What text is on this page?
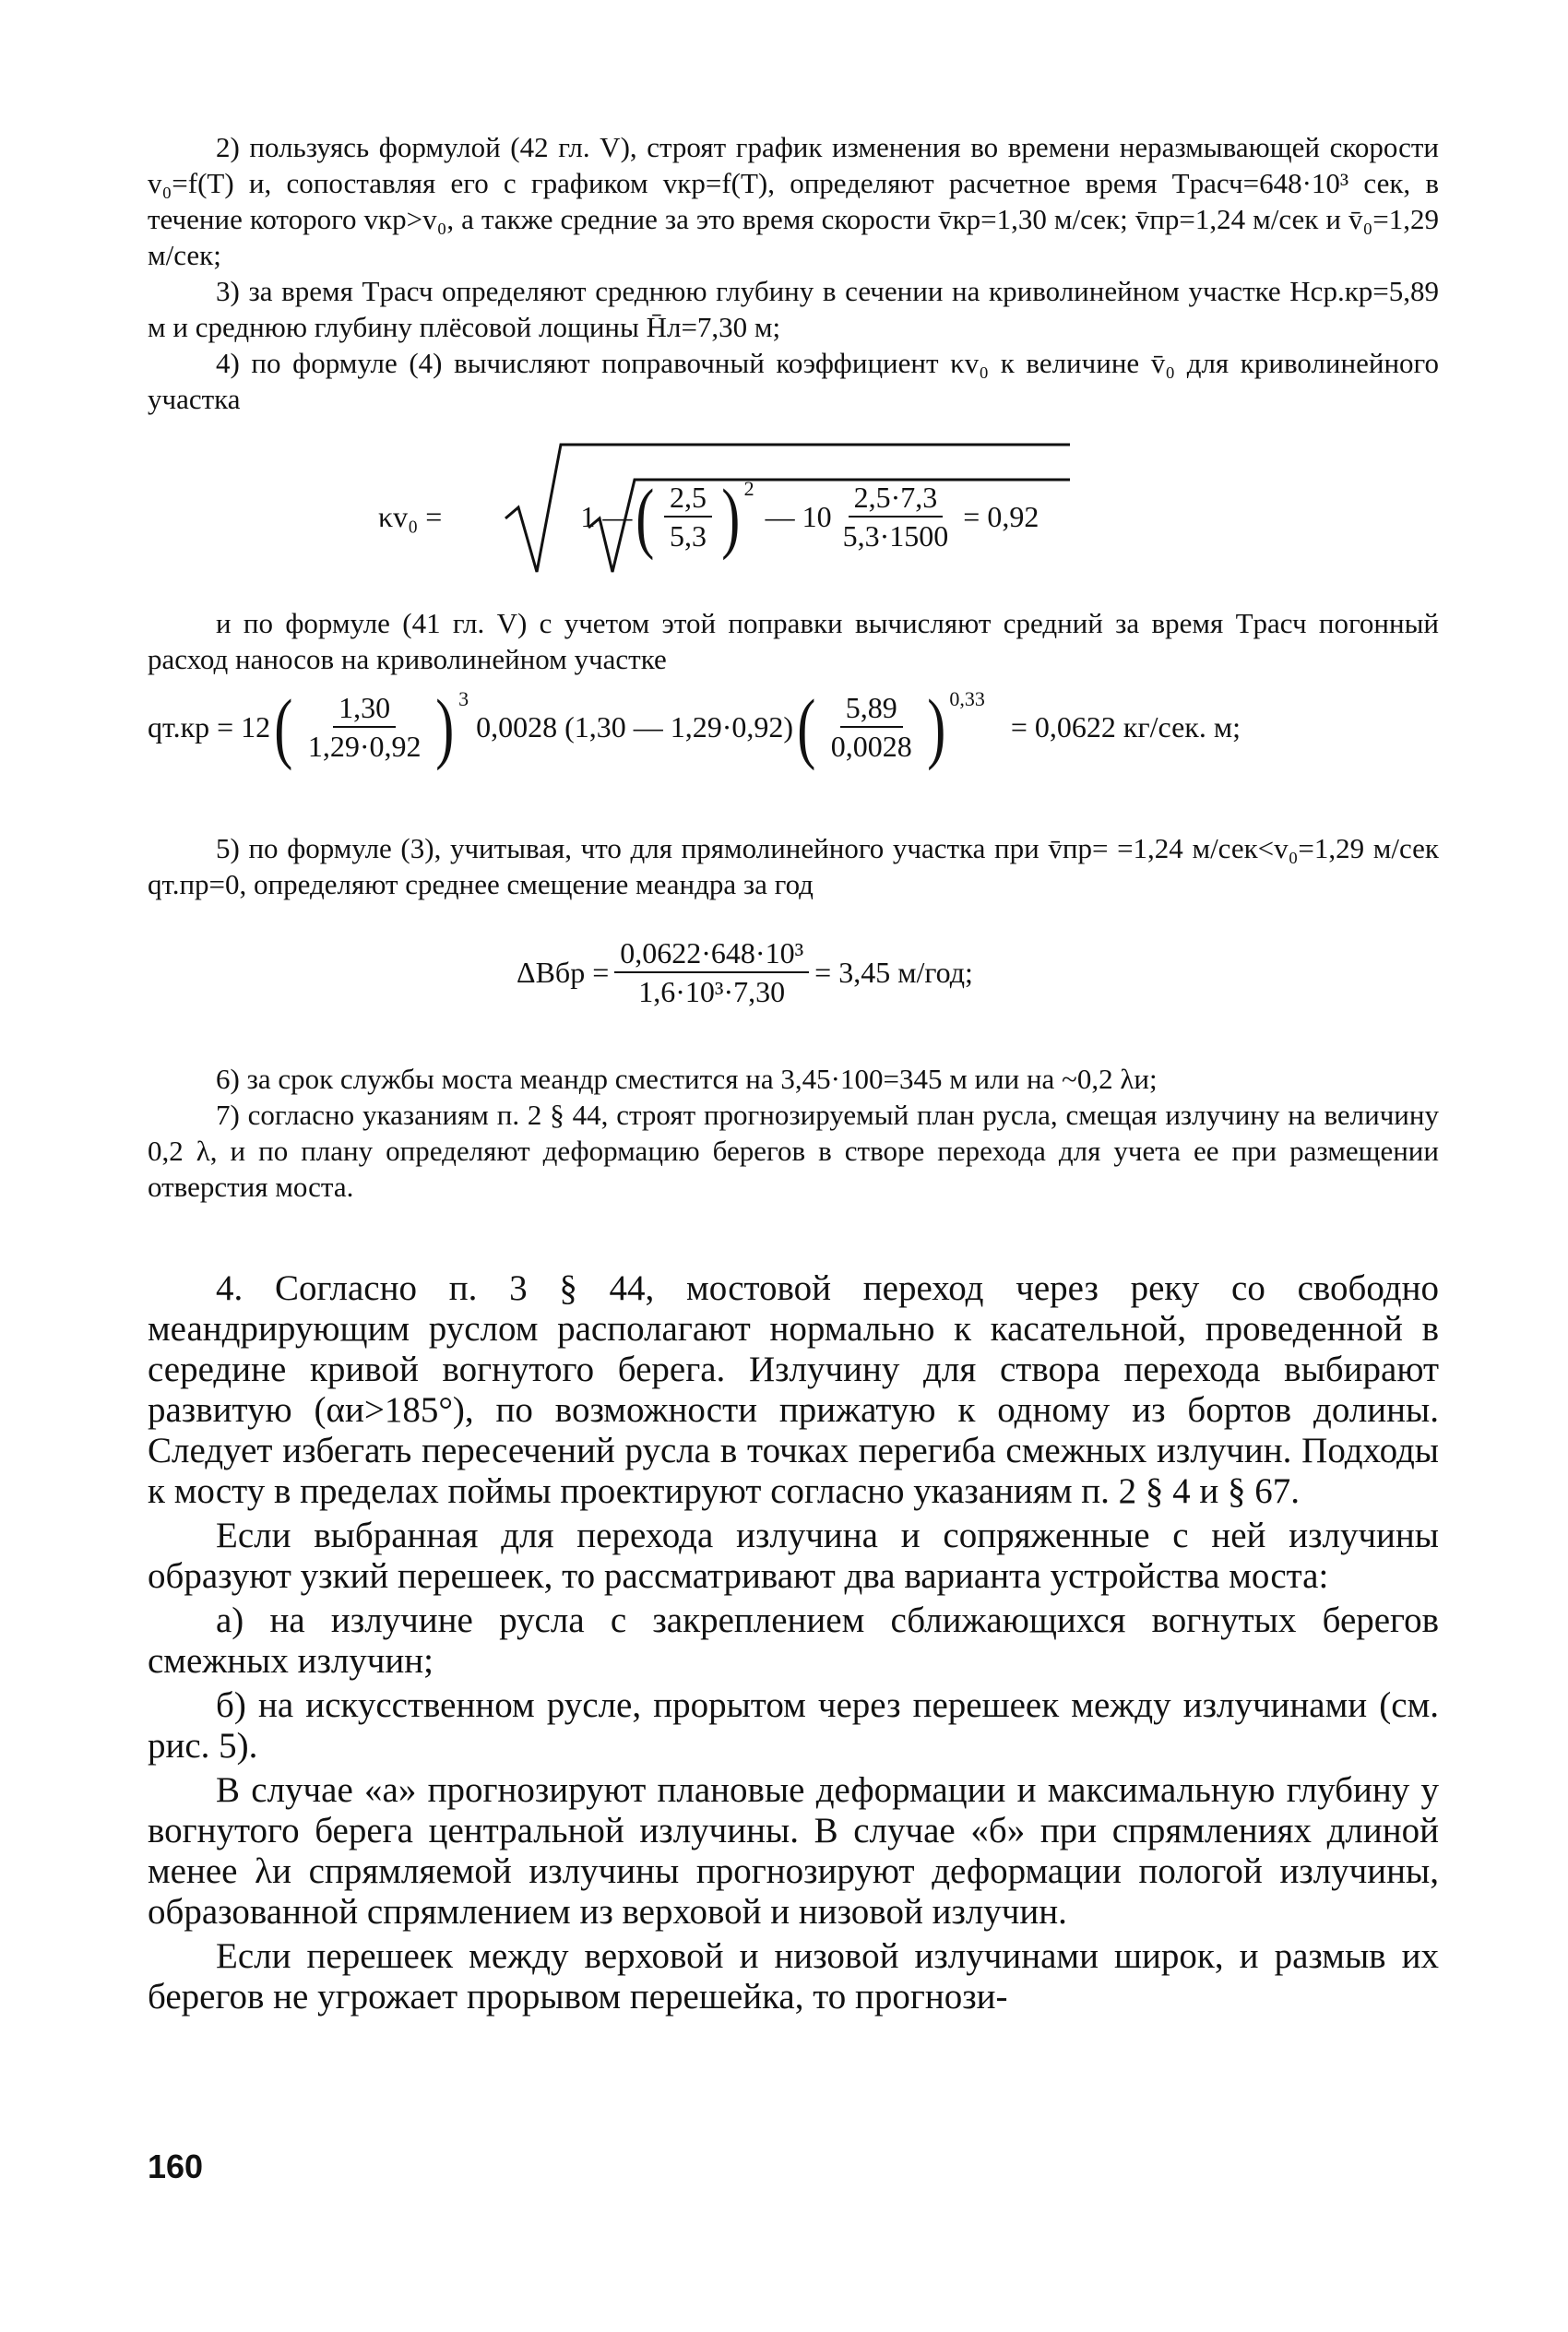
2) пользуясь формулой (42 гл. V), строят график изменения во времени неразмывающей скорости v₀=f(T) и, сопоставляя его с графиком vкр=f(T), определяют расчетное время Tрасч=648·10³ сек, в течение которого vкр>v₀, а также средние за это время скорости v̄кр=1,30 м/сек; v̄пр=1,24 м/сек и v̄₀=1,29 м/сек;

3) за время Tрасч определяют среднюю глубину в сечении на криволинейном участке Hср.кр=5,89 м и среднюю глубину плёсовой лощины H̄л=7,30 м;

4) по формуле (4) вычисляют поправочный коэффициент κv₀ к величине v̄₀ для криволинейного участка

κv₀ =	1 — ( $\frac{2,5}{5,3} )^2$
— $10 \frac{2,5\cdot 7,3}{5,3\cdot 1500} = 0,92$

и по формуле (41 гл. V) с учетом этой поправки вычисляют средний за время Tрасч погонный расход наносов на криволинейном участке

qт.кр = 12 ( $\frac{1,30}{1,29\cdot 0,92} )^3$
0,0028 (1,30 — 1,29·0,92) ( $\frac{5,89}{0,0028} )^{0,33}$
= 0,0622 кг/сек. м;

5) по формуле (3), учитывая, что для прямолинейного участка при v̄пр= =1,24 м/сек<v₀=1,29 м/сек qт.пр=0, определяют среднее смещение меандра за год

$\Delta Bбр = \frac{\text{0,0622·648·10³}}{\text{1,6·10³·7,30}} = 3,45$ м/год;

6) за срок службы моста меандр сместится на 3,45·100=345 м или на ~0,2 λи;

7) согласно указаниям п. 2 § 44, строят прогнозируемый план русла, смещая излучину на величину 0,2 λ, и по плану определяют деформацию берегов в створе перехода для учета ее при размещении отверстия моста.

4. Согласно п. 3 § 44, мостовой переход через реку со свободно меандрирующим руслом располагают нормально к касательной, проведенной в середине кривой вогнутого берега. Излучину для створа перехода выбирают развитую (αи>185°), по возможности прижатую к одному из бортов долины. Следует избегать пересечений русла в точках перегиба смежных излучин. Подходы к мосту в пределах поймы проектируют согласно указаниям п. 2 § 4 и § 67.

Если выбранная для перехода излучина и сопряженные с ней излучины образуют узкий перешеек, то рассматривают два варианта устройства моста:

а) на излучине русла с закреплением сближающихся вогнутых берегов смежных излучин;

б) на искусственном русле, прорытом через перешеек между излучинами (см. рис. 5).

В случае «а» прогнозируют плановые деформации и максимальную глубину у вогнутого берега центральной излучины. В случае «б» при спрямлениях длиной менее λи спрямляемой излучины прогнозируют деформации пологой излучины, образованной спрямлением из верховой и низовой излучин.

Если перешеек между верховой и низовой излучинами широк, и размыв их берегов не угрожает прорывом перешейка, то прогнози-

160
